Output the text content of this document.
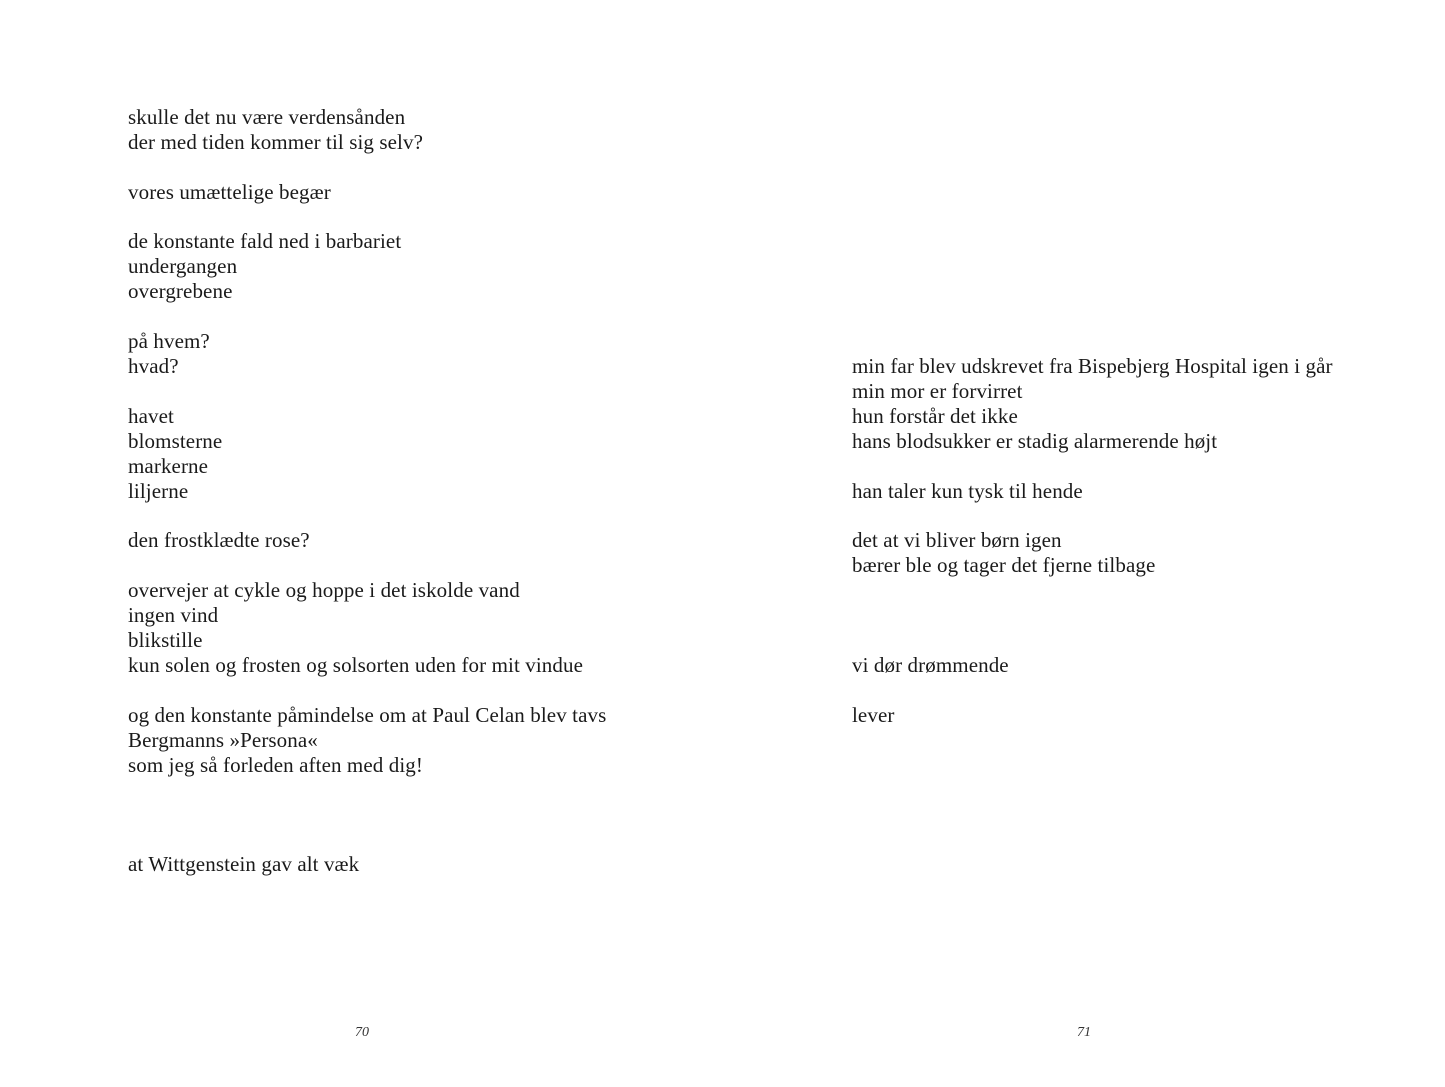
skulle det nu være verdensånden
der med tiden kommer til sig selv?
vores umættelige begær
de konstante fald ned i barbariet
undergangen
overgrebene
på hvem?
hvad?
havet
blomsterne
markerne
liljerne
den frostklædte rose?
overvejer at cykle og hoppe i det iskolde vand
ingen vind
blikstille
kun solen og frosten og solsorten uden for mit vindue
og den konstante påmindelse om at Paul Celan blev tavs
Bergmanns »Persona«
som jeg så forleden aften med dig!
at Wittgenstein gav alt væk
70
min far blev udskrevet fra Bispebjerg Hospital igen i går
min mor er forvirret
hun forstår det ikke
hans blodsukker er stadig alarmerende højt
han taler kun tysk til hende
det at vi bliver børn igen
bærer ble og tager det fjerne tilbage
vi dør drømmende
lever
71
